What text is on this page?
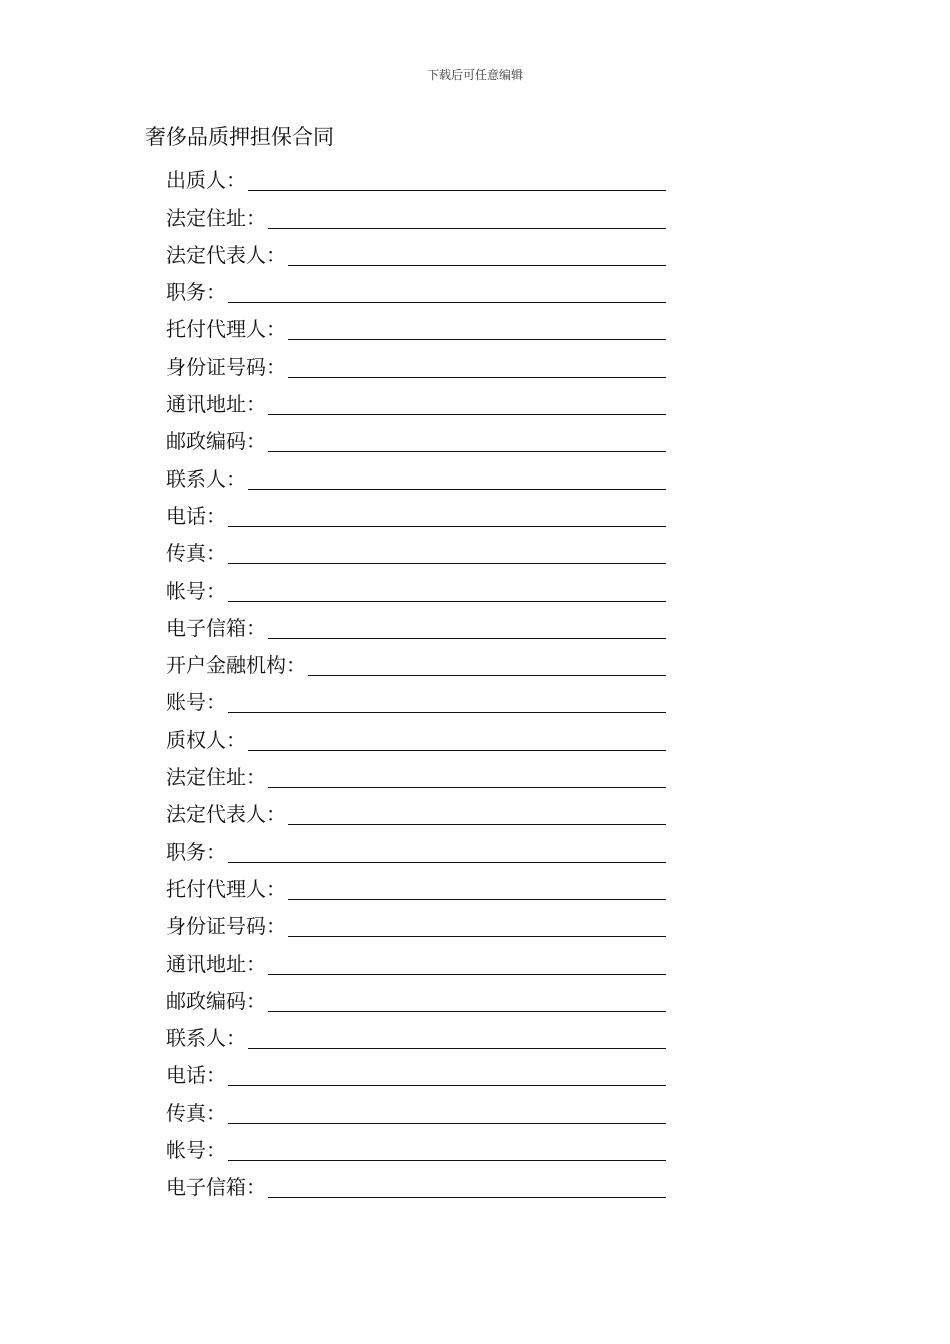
下载后可任意编辑
奢侈品质押担保合同
出质人：
法定住址：
法定代表人：
职务：
托付代理人：
身份证号码：
通讯地址：
邮政编码：
联系人：
电话：
传真：
帐号：
电子信箱：
开户金融机构：
账号：
质权人：
法定住址：
法定代表人：
职务：
托付代理人：
身份证号码：
通讯地址：
邮政编码：
联系人：
电话：
传真：
帐号：
电子信箱：
